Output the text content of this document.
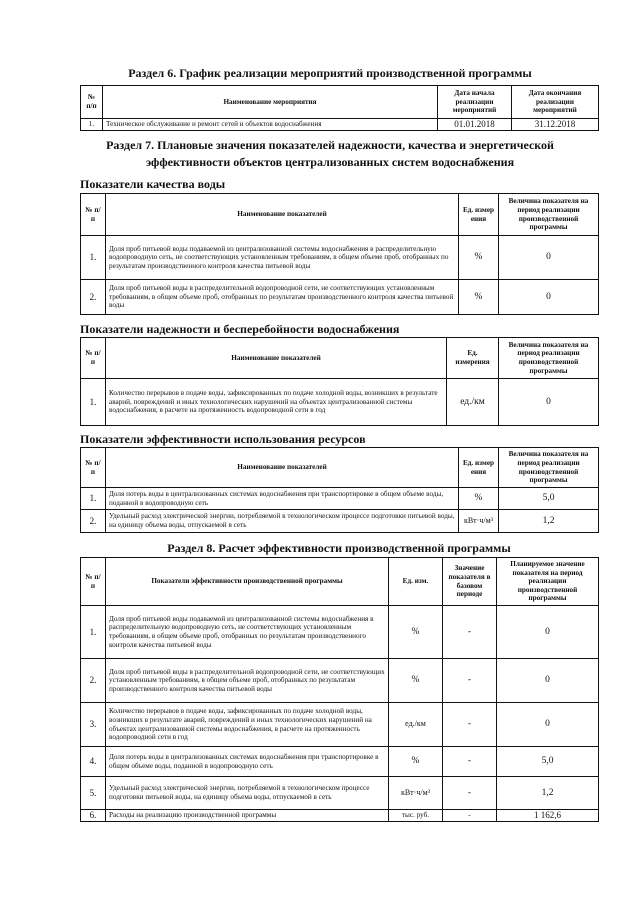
Раздел 6. График реализации мероприятий производственной программы
№ п/п	Наименование мероприятия	Дата начала реализации мероприятий	Дата окончания реализации мероприятий
1.	Техническое обслуживание и ремонт сетей и объектов водоснабжения	01.01.2018	31.12.2018
Раздел 7. Плановые значения показателей надежности, качества и энергетической
эффективности объектов централизованных систем водоснабжения
Показатели качества воды
№ п/п	Наименование показателей	Ед. измер ения	Величина показателя на период реализации производственной программы
1.	Доля проб питьевой воды подаваемой из централизованной системы водоснабжения в распределительную водопроводную сеть, не соответствующих установленным требованиям, в общем объеме проб, отобранных по результатам производственного контроля качества питьевой воды	%	0
2.	Доля проб питьевой воды в распределительной водопроводной сети, не соответствующих установленным требованиям, в общем объеме проб, отобранных по результатам производственного контроля качества питьевой воды	%	0
Показатели надежности и бесперебойности водоснабжения
№ п/п	Наименование показателей	Ед. измерения	Величина показателя на период реализации производственной программы
1.	Количество перерывов в подаче воды, зафиксированных по подаче холодной воды, возникших в результате аварий, повреждений и иных технологических нарушений на объектах централизованной системы водоснабжения, в расчете на протяженность водопроводной сети в год	ед./км	0
Показатели эффективности использования ресурсов
№ п/п	Наименование показателей	Ед. измер ения	Величина показателя на период реализации производственной программы
1.	Доля потерь воды в централизованных системах водоснабжения при транспортировке в общем объеме воды, поданной в водопроводную сеть	%	5,0
2.	Удельный расход электрической энергии, потребляемой в технологическом процессе подготовки питьевой воды, на единицу объема воды, отпускаемой в сеть	кВт·ч/м³	1,2
Раздел 8. Расчет эффективности производственной программы
№ п/п	Показатели эффективности производственной программы	Ед. изм.	Значение показателя в базовом периоде	Планируемое значение показателя на период реализации производственной программы
1.	Доля проб питьевой воды подаваемой из централизованной системы водоснабжения в распределительную водопроводную сеть, не соответствующих установленным требованиям, в общем объеме проб, отобранных по результатам производственного контроля качества питьевой воды	%	-	0
2.	Доля проб питьевой воды в распределительной водопроводной сети, не соответствующих установленным требованиям, в общем объеме проб, отобранных по результатам производственного контроля качества питьевой воды	%	-	0
3.	Количество перерывов в подаче воды, зафиксированных по подаче холодной воды, возникших в результате аварий, повреждений и иных технологических нарушений на объектах централизованной системы водоснабжения, в расчете на протяженность водопроводной сети в год	ед./км	-	0
4.	Доля потерь воды в централизованных системах водоснабжения при транспортировке в общем объеме воды, поданной в водопроводную сеть	%	-	5,0
5.	Удельный расход электрической энергии, потребляемой в технологическом процессе подготовки питьевой воды, на единицу объема воды, отпускаемой в сеть	кВт·ч/м³	-	1,2
6.	Расходы на реализацию производственной программы	тыс. руб.	-	1 162,6
